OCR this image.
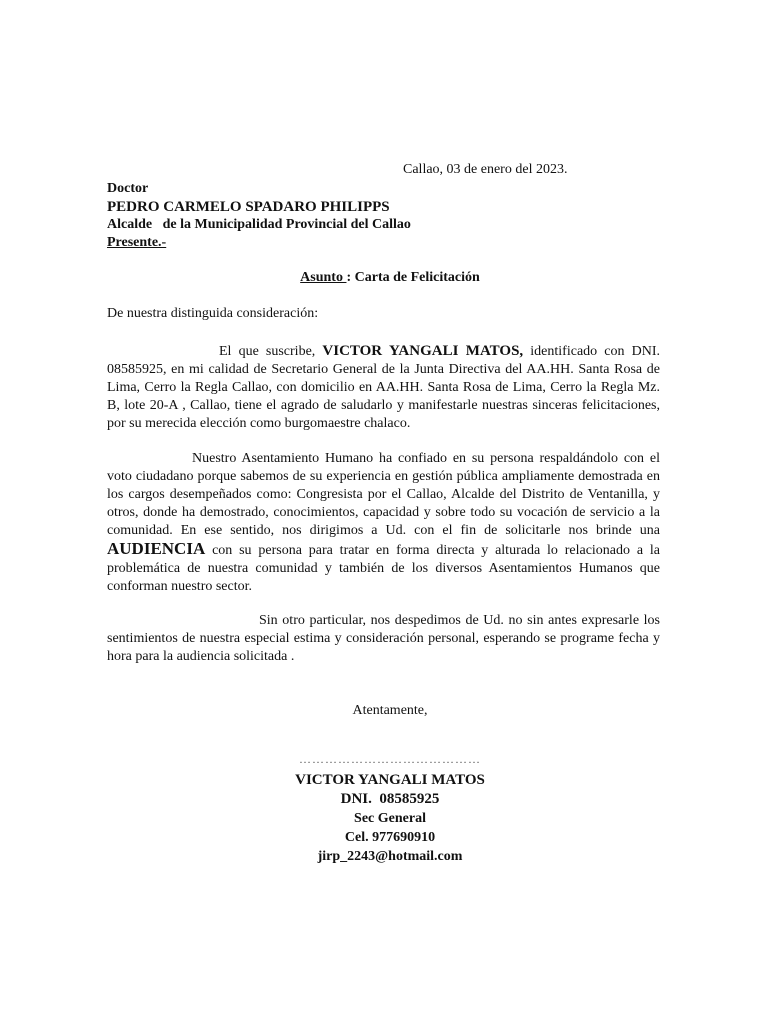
Callao, 03 de enero del 2023.
Doctor
PEDRO CARMELO SPADARO PHILIPPS
Alcalde   de la Municipalidad Provincial del Callao
Presente.-
Asunto : Carta de Felicitación
De nuestra distinguida consideración:
El que suscribe, VICTOR YANGALI MATOS, identificado con DNI. 08585925, en mi calidad de Secretario General de la Junta Directiva del AA.HH. Santa Rosa de Lima, Cerro la Regla Callao, con domicilio en AA.HH. Santa Rosa de Lima, Cerro la Regla Mz. B, lote 20-A , Callao, tiene el agrado de saludarlo y manifestarle nuestras sinceras felicitaciones, por su merecida elección como burgomaestre chalaco.
Nuestro Asentamiento Humano ha confiado en su persona respaldándolo con el voto ciudadano porque sabemos de su experiencia en gestión pública ampliamente demostrada en los cargos desempeñados como: Congresista por el Callao, Alcalde del Distrito de Ventanilla, y otros, donde ha demostrado, conocimientos, capacidad y sobre todo su vocación de servicio a la comunidad. En ese sentido, nos dirigimos a Ud. con el fin de solicitarle nos brinde una AUDIENCIA con su persona para tratar en forma directa y alturada lo relacionado a la problemática de nuestra comunidad y también de los diversos Asentamientos Humanos que conforman nuestro sector.
Sin otro particular, nos despedimos de Ud. no sin antes expresarle los sentimientos de nuestra especial estima y consideración personal, esperando se programe fecha y hora para la audiencia solicitada .
Atentamente,
……………………………………
VICTOR YANGALI MATOS
DNI.  08585925
Sec General
Cel. 977690910
jirp_2243@hotmail.com
